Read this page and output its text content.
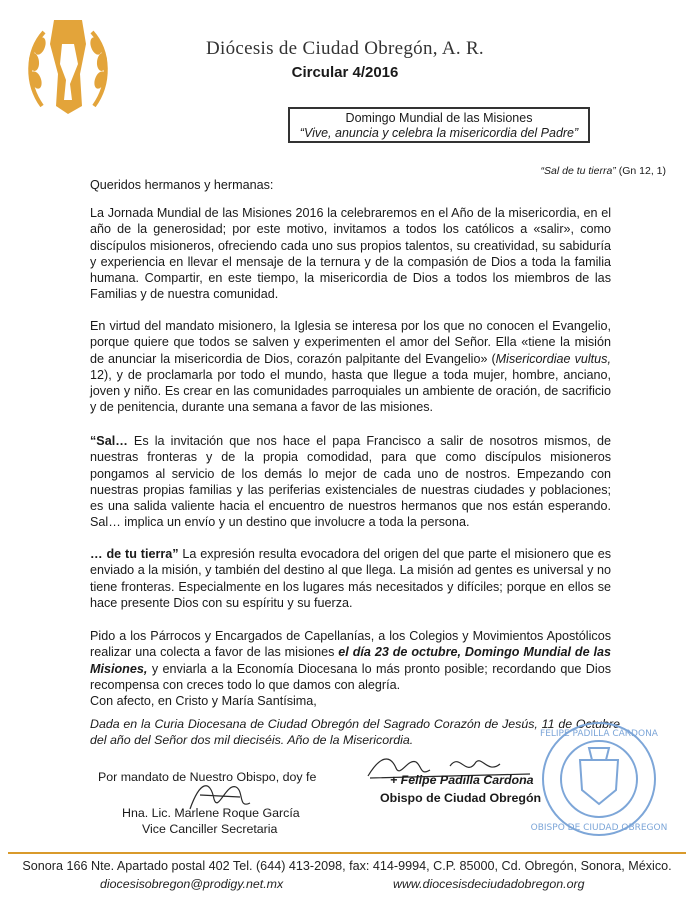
Diócesis de Ciudad Obregón, A. R.
Circular 4/2016
Domingo Mundial de las Misiones
“Vive, anuncia y celebra la misericordia del Padre”
“Sal de tu tierra” (Gn 12, 1)
Queridos hermanos y hermanas:
La Jornada Mundial de las Misiones 2016 la celebraremos en el Año de la misericordia, en el año de la generosidad; por este motivo, invitamos a todos los católicos a «salir», como discípulos misioneros, ofreciendo cada uno sus propios talentos, su creatividad, su sabiduría y experiencia en llevar el mensaje de la ternura y de la compasión de Dios a toda la familia humana. Compartir, en este tiempo, la misericordia de Dios a todos los miembros de las Familias y de nuestra comunidad.
En virtud del mandato misionero, la Iglesia se interesa por los que no conocen el Evangelio, porque quiere que todos se salven y experimenten el amor del Señor. Ella «tiene la misión de anunciar la misericordia de Dios, corazón palpitante del Evangelio» (Misericordiae vultus, 12), y de proclamarla por todo el mundo, hasta que llegue a toda mujer, hombre, anciano, joven y niño. Es crear en las comunidades parroquiales un ambiente de oración, de sacrificio y de penitencia, durante una semana a favor de las misiones.
“Sal… Es la invitación que nos hace el papa Francisco a salir de nosotros mismos, de nuestras fronteras y de la propia comodidad, para que como discípulos misioneros pongamos al servicio de los demás lo mejor de cada uno de nostros. Empezando con nuestras propias familias y las periferias existenciales de nuestras ciudades y poblaciones; es una salida valiente hacia el encuentro de nuestros hermanos que nos están esperando. Sal… implica un envío y un destino que involucre a toda la persona.
… de tu tierra” La expresión resulta evocadora del origen del que parte el misionero que es enviado a la misión, y también del destino al que llega. La misión ad gentes es universal y no tiene fronteras. Especialmente en los lugares más necesitados y difíciles; porque en ellos se hace presente Dios con su espíritu y su fuerza.
Pido a los Párrocos y Encargados de Capellanías, a los Colegios y Movimientos Apostólicos realizar una colecta a favor de las misiones el día 23 de octubre, Domingo Mundial de las Misiones, y enviarla a la Economía Diocesana lo más pronto posible; recordando que Dios recompensa con creces todo lo que damos con alegría.
Con afecto, en Cristo y María Santísima,
Dada en la Curia Diocesana de Ciudad Obregón del Sagrado Corazón de Jesús, 11 de Octubre del año del Señor dos mil dieciséis. Año de la Misericordia.	FELIPE PADILLA CARDONA
OBISPO DE CIUDAD OBREGON
Por mandato de Nuestro Obispo, doy fe
Hna. Lic. Marlene Roque García
Vice Canciller Secretaria
+ Felipe Padilla Cardona
Obispo de Ciudad Obregón
Sonora 166 Nte. Apartado postal 402 Tel. (644) 413-2098, fax: 414-9994, C.P. 85000, Cd. Obregón, Sonora, México.
diocesisobregon@prodigy.net.mx	www.diocesisdeciudadobregon.org
